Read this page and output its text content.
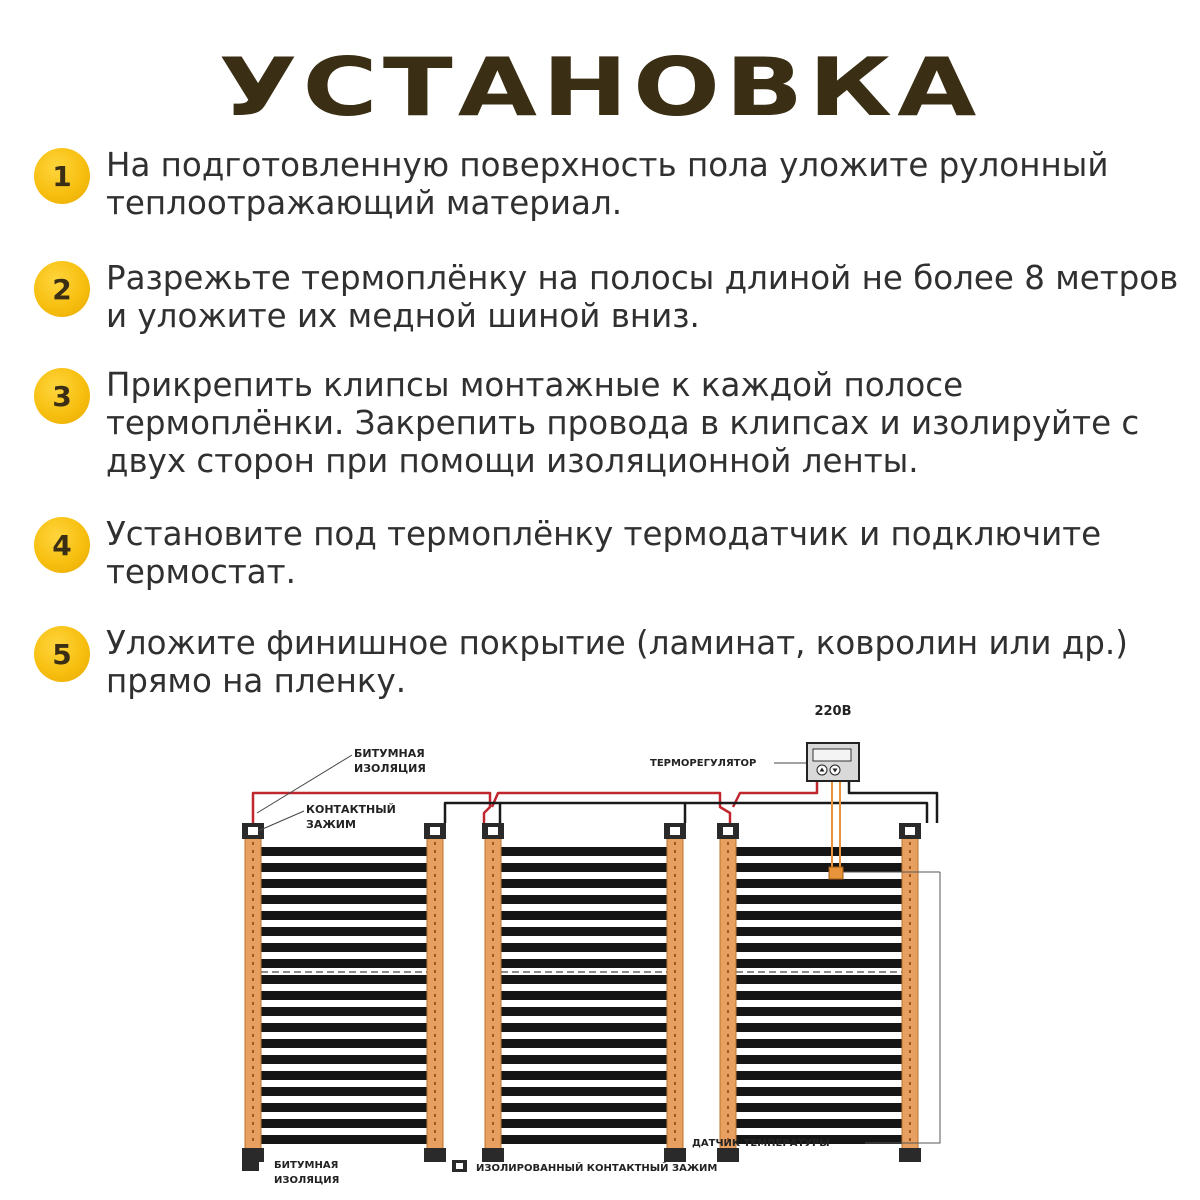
УСТАНОВКА
1	На подготовленную поверхность пола уложите рулонный
теплоотражающий материал.
2	Разрежьте термоплёнку на полосы длиной не более 8 метров
и уложите их медной шиной вниз.
3	Прикрепить клипсы монтажные к каждой полосе
термоплёнки. Закрепить провода в клипсах и изолируйте с
двух сторон при помощи изоляционной ленты.
4	Установите под термоплёнку термодатчик и подключите
термостат.
5	Уложите финишное покрытие (ламинат, ковролин или др.)
прямо на пленку.
220В
ТЕРМОРЕГУЛЯТОР
БИТУМНАЯ
ИЗОЛЯЦИЯ
КОНТАКТНЫЙ
ЗАЖИМ
ДАТЧИК ТЕМПЕРАТУРЫ
БИТУМНАЯ
ИЗОЛЯЦИЯ
ИЗОЛИРОВАННЫЙ КОНТАКТНЫЙ ЗАЖИМ
